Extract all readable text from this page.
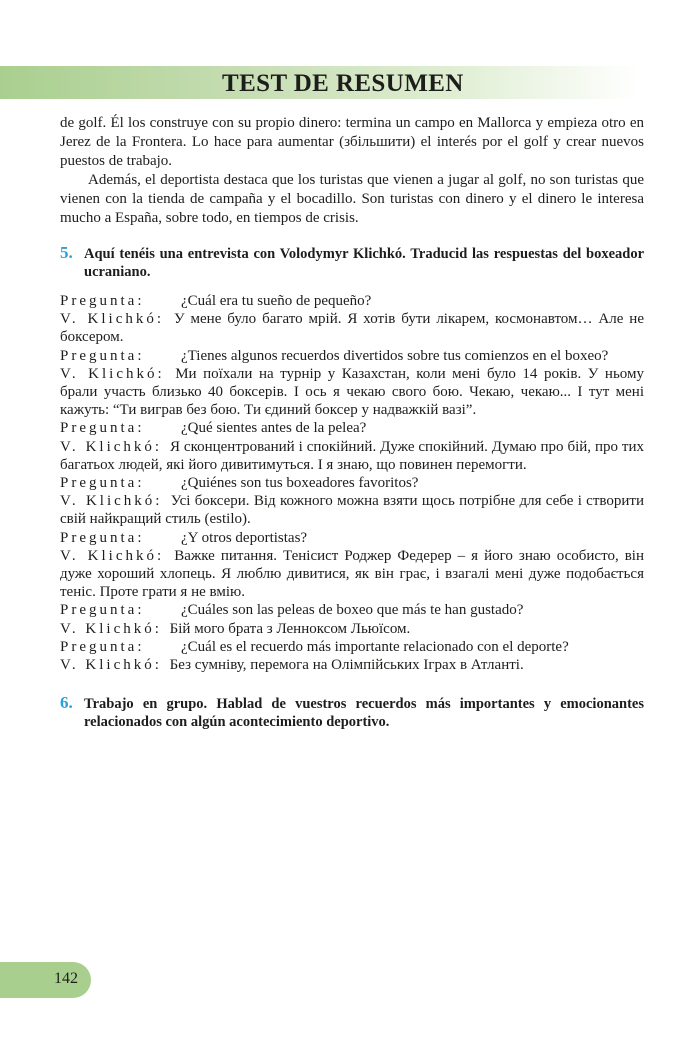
TEST DE RESUMEN

de golf. Él los construye con su propio dinero: termina un campo en Mallorca y empieza otro en Jerez de la Frontera. Lo hace para aumentar (збільшити) el interés por el golf y crear nuevos puestos de trabajo.

Además, el deportista destaca que los turistas que vienen a jugar al golf, no son turistas que vienen con la tienda de campaña y el bocadillo. Son turistas con dinero y el dinero le interesa mucho a España, sobre todo, en tiempos de crisis.

5. Aquí tenéis una entrevista con Volodymyr Klichkó. Traducid las respuestas del boxeador ucraniano.
Pregunta:	¿Cuál era tu sueño de pequeño?
V. Klichkó: У мене було багато мрій. Я хотів бути лікарем, космонавтом… Але не боксером.
Pregunta:	¿Tienes algunos recuerdos divertidos sobre tus comienzos en el boxeo?
V. Klichkó: Ми поїхали на турнір у Казахстан, коли мені було 14 років. У ньому брали участь близько 40 боксерів. І ось я чекаю свого бою. Чекаю, чекаю... І тут мені кажуть: “Ти виграв без бою. Ти єдиний боксер у надважкій вазі”.
Pregunta:	¿Qué sientes antes de la pelea?
V. Klichkó: Я сконцентрований і спокійний. Дуже спокійний. Думаю про бій, про тих багатьох людей, які його дивитимуться. І я знаю, що повинен перемогти.
Pregunta:	¿Quiénes son tus boxeadores favoritos?
V. Klichkó: Усі боксери. Від кожного можна взяти щось потрібне для себе і створити свій найкращий стиль (estilo).
Pregunta:	¿Y otros deportistas?
V. Klichkó: Важке питання. Тенісист Роджер Федерер – я його знаю особисто, він дуже хороший хлопець. Я люблю дивитися, як він грає, і взагалі мені дуже подобається теніс. Проте грати я не вмію.
Pregunta:	¿Cuáles son las peleas de boxeo que más te han gustado?
V. Klichkó: Бій мого брата з Ленноксом Льюїсом.
Pregunta:	¿Cuál es el recuerdo más importante relacionado con el deporte?
V. Klichkó: Без сумніву, перемога на Олімпійських Іграх в Атланті.
6. Trabajo en grupo. Hablad de vuestros recuerdos más importantes y emocionantes relacionados con algún acontecimiento deportivo.
142
